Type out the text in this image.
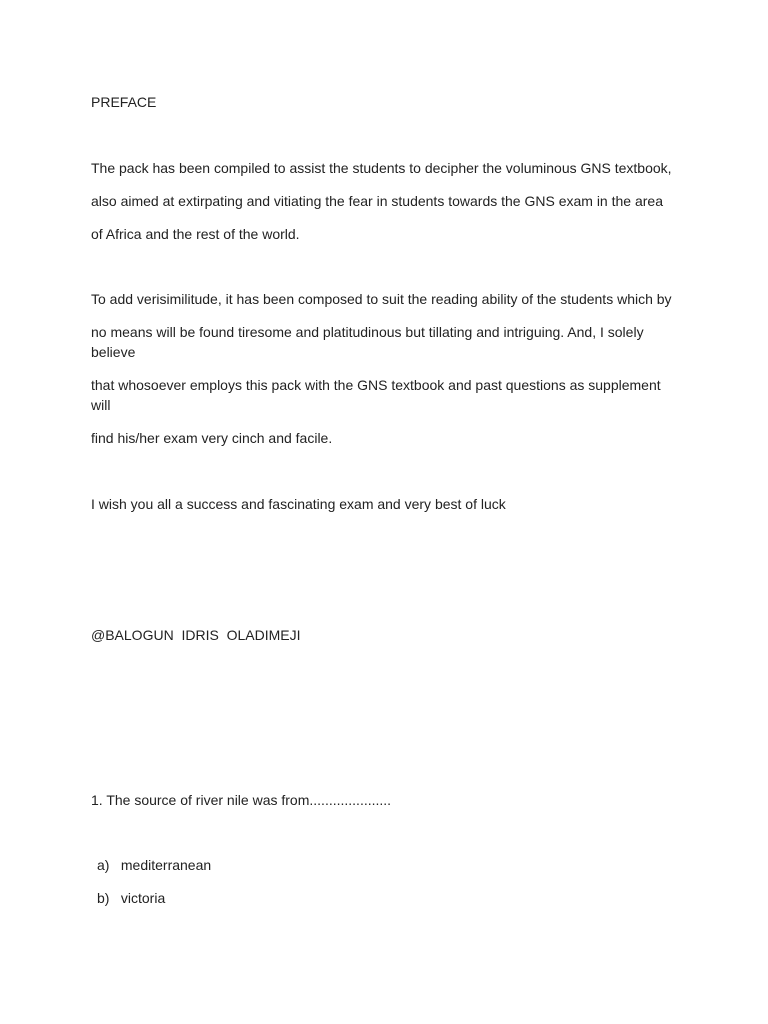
PREFACE

The pack has been compiled to assist the students to decipher the voluminous GNS textbook,

also aimed at extirpating and vitiating the fear in students towards the GNS exam in the area

of Africa and the rest of the world.

To add verisimilitude, it has been composed to suit the reading ability of the students which by

no means will be found tiresome and platitudinous but tillating and intriguing. And, I solely believe

that whosoever employs this pack with the GNS textbook and past questions as supplement will

find his/her exam very cinch and facile.

I wish you all a success and fascinating exam and very best of luck

@BALOGUN  IDRIS  OLADIMEJI

1. The source of river nile was from.....................

a) mediterranean

b) victoria
